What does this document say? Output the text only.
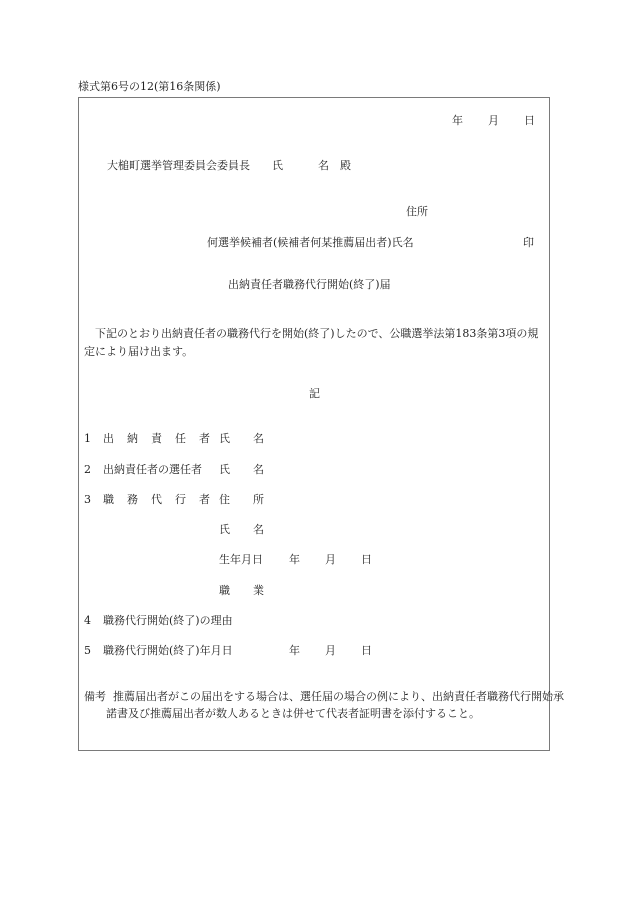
様式第6号の12(第16条関係)
年 月 日
大槌町選挙管理委員会委員長 氏	名 殿
住所
何選挙候補者(候補者何某推薦届出者)氏名	印
出納責任者職務代行開始(終了)届
下記のとおり出納責任者の職務代行を開始(終了)したので、公職選挙法第183条第3項の規定により届け出ます。
記
1 出 納 責 任 者 氏 名
2 出納責任者の選任者 氏 名
3 職 務 代 行 者 住 所
氏 名
生年月日 年 月 日
職 業
4 職務代行開始(終了)の理由
5 職務代行開始(終了)年月日	年 月 日
備考 推薦届出者がこの届出をする場合は、選任届の場合の例により、出納責任者職務代行開始承諾書及び推薦届出者が数人あるときは併せて代表者証明書を添付すること。
